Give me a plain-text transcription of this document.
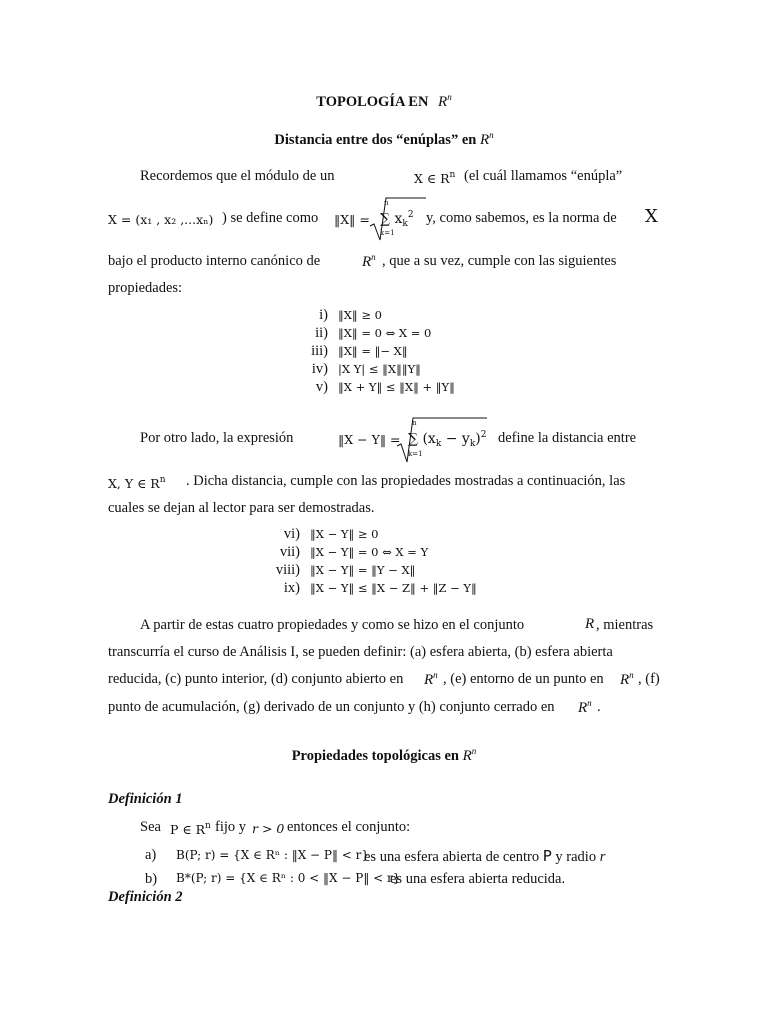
TOPOLOGÍA EN $R^n$
Distancia entre dos “enúplas” en $R^n$
Recordemos que el módulo de un	X ∈ $R^n$ (el cuál llamamos “enúpla”
X = (x₁ , x₂ ,...xₙ) ) se define como ‖X‖ = ∑ $x_k^2$
n
k=1
y, como sabemos, es la norma de X
bajo el producto interno canónico de	$R^n$ , que a su vez, cumple con las siguientes
propiedades:
i) ‖X‖ ≥ 0
ii) ‖X‖ = 0 ⇔ X = 0
iii) ‖X‖ = ‖− X‖
iv) |X Y| ≤ ‖X‖‖Y‖
v) ‖X + Y‖ ≤ ‖X‖ + ‖Y‖
Por otro lado, la expresión	‖X − Y‖ = ∑ $(x_k - y_k)^2$
n
k=1
define la distancia entre
X, Y ∈ $R^n$ . Dicha distancia, cumple con las propiedades mostradas a continuación, las
cuales se dejan al lector para ser demostradas.
vi) ‖X − Y‖ ≥ 0
vii) ‖X − Y‖ = 0 ⇔ X = Y
viii) ‖X − Y‖ = ‖Y − X‖
ix) ‖X − Y‖ ≤ ‖X − Z‖ + ‖Z − Y‖
A partir de estas cuatro propiedades y como se hizo en el conjunto	R , mientras
transcurría el curso de Análisis I, se pueden definir: (a) esfera abierta, (b) esfera abierta
reducida, (c) punto interior, (d) conjunto abierto en $R^n$ , (e) entorno de un punto en $R^n$ , (f)
punto de acumulación, (g) derivado de un conjunto y (h) conjunto cerrado en $R^n$ .
Propiedades topológicas en $R^n$
Definición 1
Sea P ∈ $R^n$ fijo y r > 0 entonces el conjunto:
a) B(P; r) = {X ∈ Rⁿ : ‖X − P‖ < r}
es una esfera abierta de centro P y radio r
b) B*(P; r) = {X ∈ Rⁿ : 0 < ‖X − P‖ < r}
es una esfera abierta reducida.
Definición 2
